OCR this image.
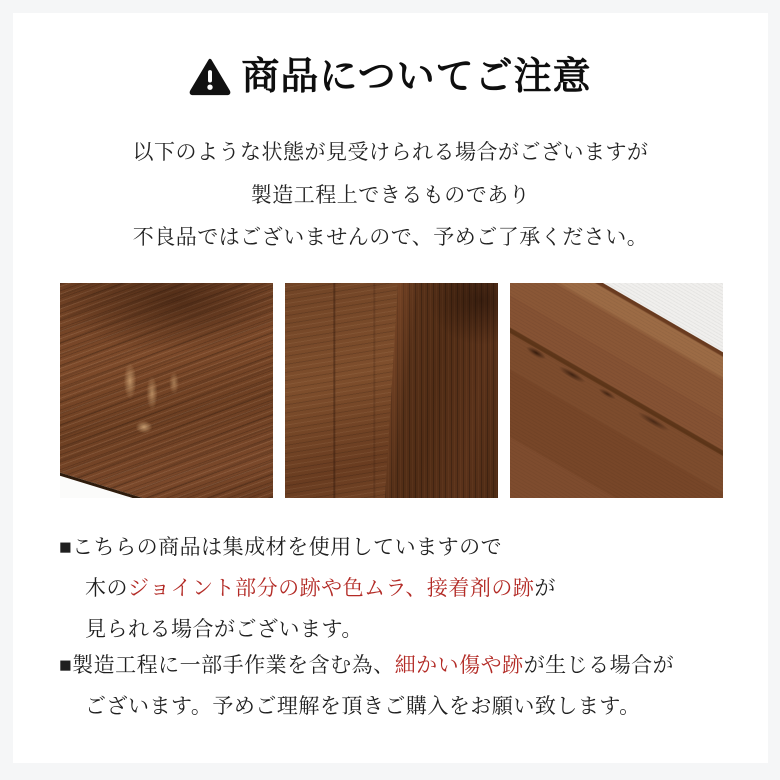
商品についてご注意
以下のような状態が見受けられる場合がございますが
製造工程上できるものであり
不良品ではございませんので、予めご了承ください。
■こちらの商品は集成材を使用していますので
木のジョイント部分の跡や色ムラ、接着剤の跡が
見られる場合がございます。
■製造工程に一部手作業を含む為、細かい傷や跡が生じる場合が
ございます。予めご理解を頂きご購入をお願い致します。
